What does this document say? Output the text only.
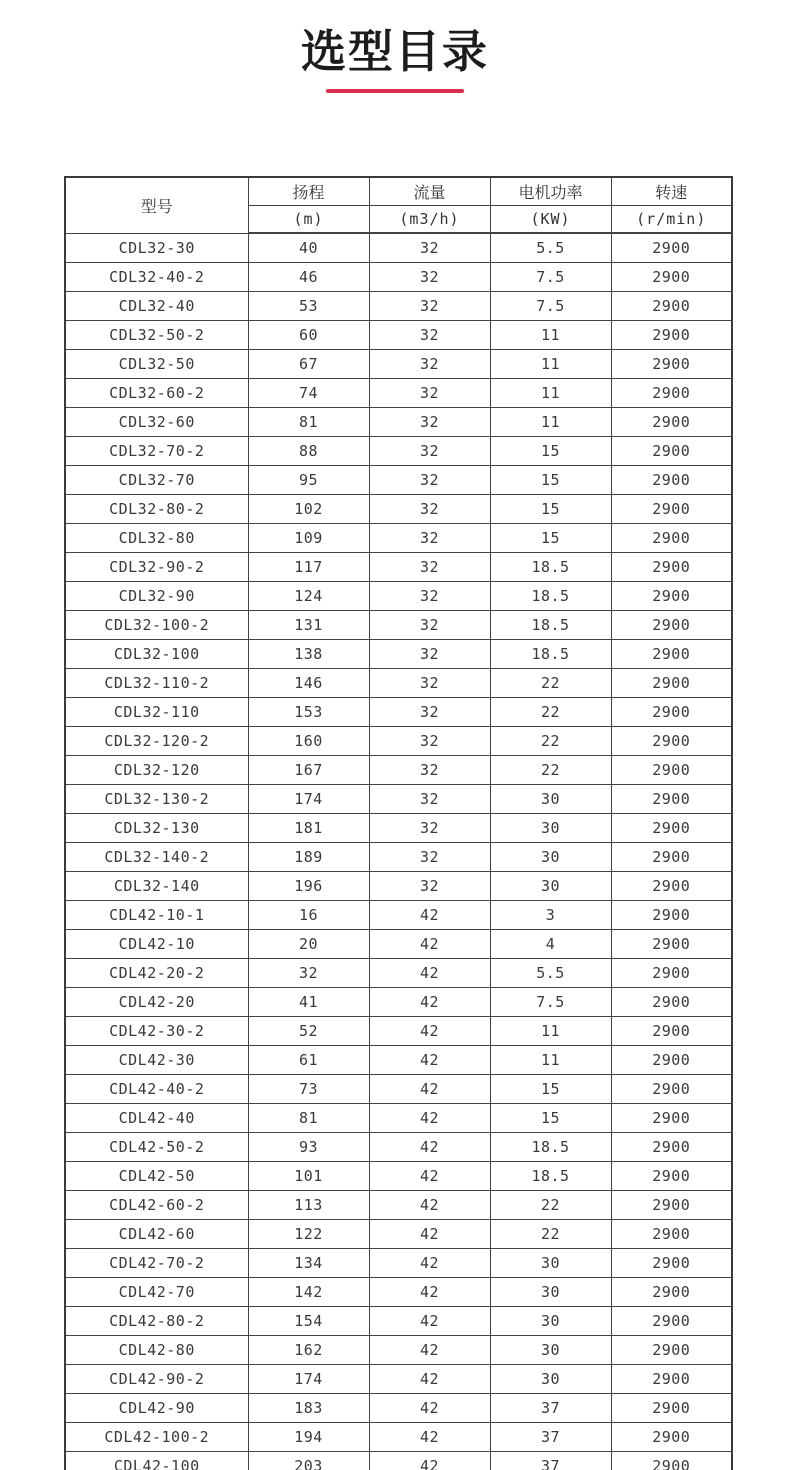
选型目录
型号	扬程	流量	电机功率	转速
	(m)	(m3/h)	(KW)	(r/min)
CDL32-30	40	32	5.5	2900
CDL32-40-2	46	32	7.5	2900
CDL32-40	53	32	7.5	2900
CDL32-50-2	60	32	11	2900
CDL32-50	67	32	11	2900
CDL32-60-2	74	32	11	2900
CDL32-60	81	32	11	2900
CDL32-70-2	88	32	15	2900
CDL32-70	95	32	15	2900
CDL32-80-2	102	32	15	2900
CDL32-80	109	32	15	2900
CDL32-90-2	117	32	18.5	2900
CDL32-90	124	32	18.5	2900
CDL32-100-2	131	32	18.5	2900
CDL32-100	138	32	18.5	2900
CDL32-110-2	146	32	22	2900
CDL32-110	153	32	22	2900
CDL32-120-2	160	32	22	2900
CDL32-120	167	32	22	2900
CDL32-130-2	174	32	30	2900
CDL32-130	181	32	30	2900
CDL32-140-2	189	32	30	2900
CDL32-140	196	32	30	2900
CDL42-10-1	16	42	3	2900
CDL42-10	20	42	4	2900
CDL42-20-2	32	42	5.5	2900
CDL42-20	41	42	7.5	2900
CDL42-30-2	52	42	11	2900
CDL42-30	61	42	11	2900
CDL42-40-2	73	42	15	2900
CDL42-40	81	42	15	2900
CDL42-50-2	93	42	18.5	2900
CDL42-50	101	42	18.5	2900
CDL42-60-2	113	42	22	2900
CDL42-60	122	42	22	2900
CDL42-70-2	134	42	30	2900
CDL42-70	142	42	30	2900
CDL42-80-2	154	42	30	2900
CDL42-80	162	42	30	2900
CDL42-90-2	174	42	30	2900
CDL42-90	183	42	37	2900
CDL42-100-2	194	42	37	2900
CDL42-100	203	42	37	2900
